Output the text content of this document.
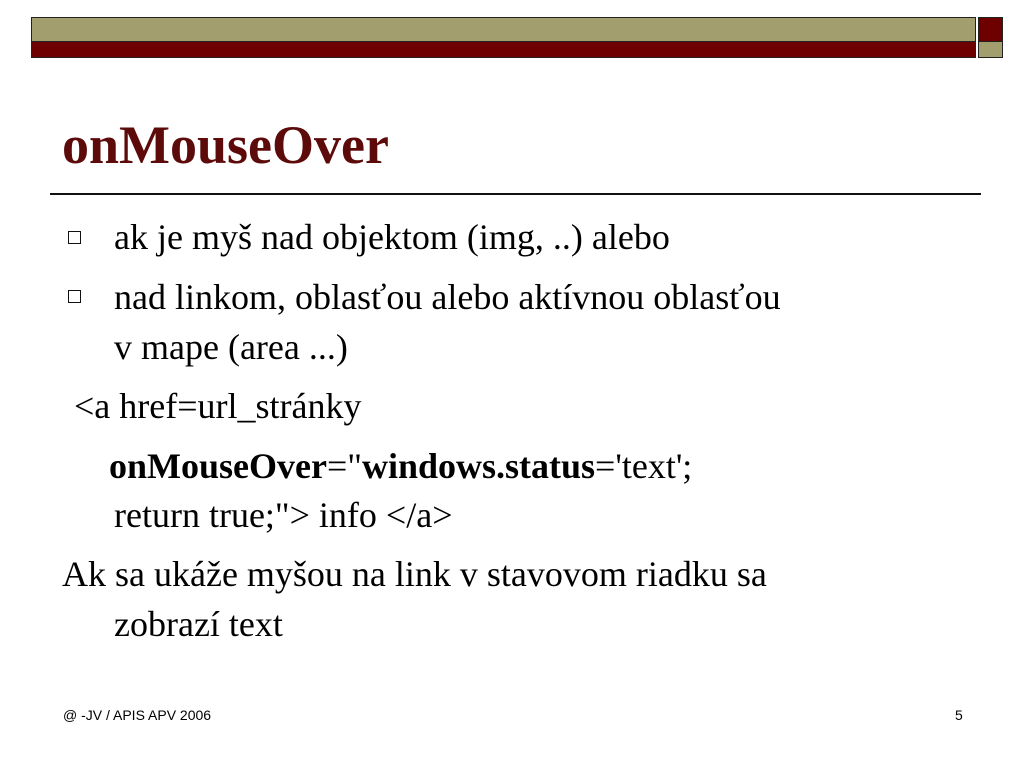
onMouseOver
ak je myš nad objektom (img, ..) alebo
nad linkom, oblasťou alebo aktívnou oblasťou
v mape (area ...)
<a href=url_stránky
onMouseOver="windows.status='text';
return true;"> info </a>
Ak sa ukáže myšou na link v stavovom riadku sa
zobrazí text
@ -JV / APIS APV 2006	5
